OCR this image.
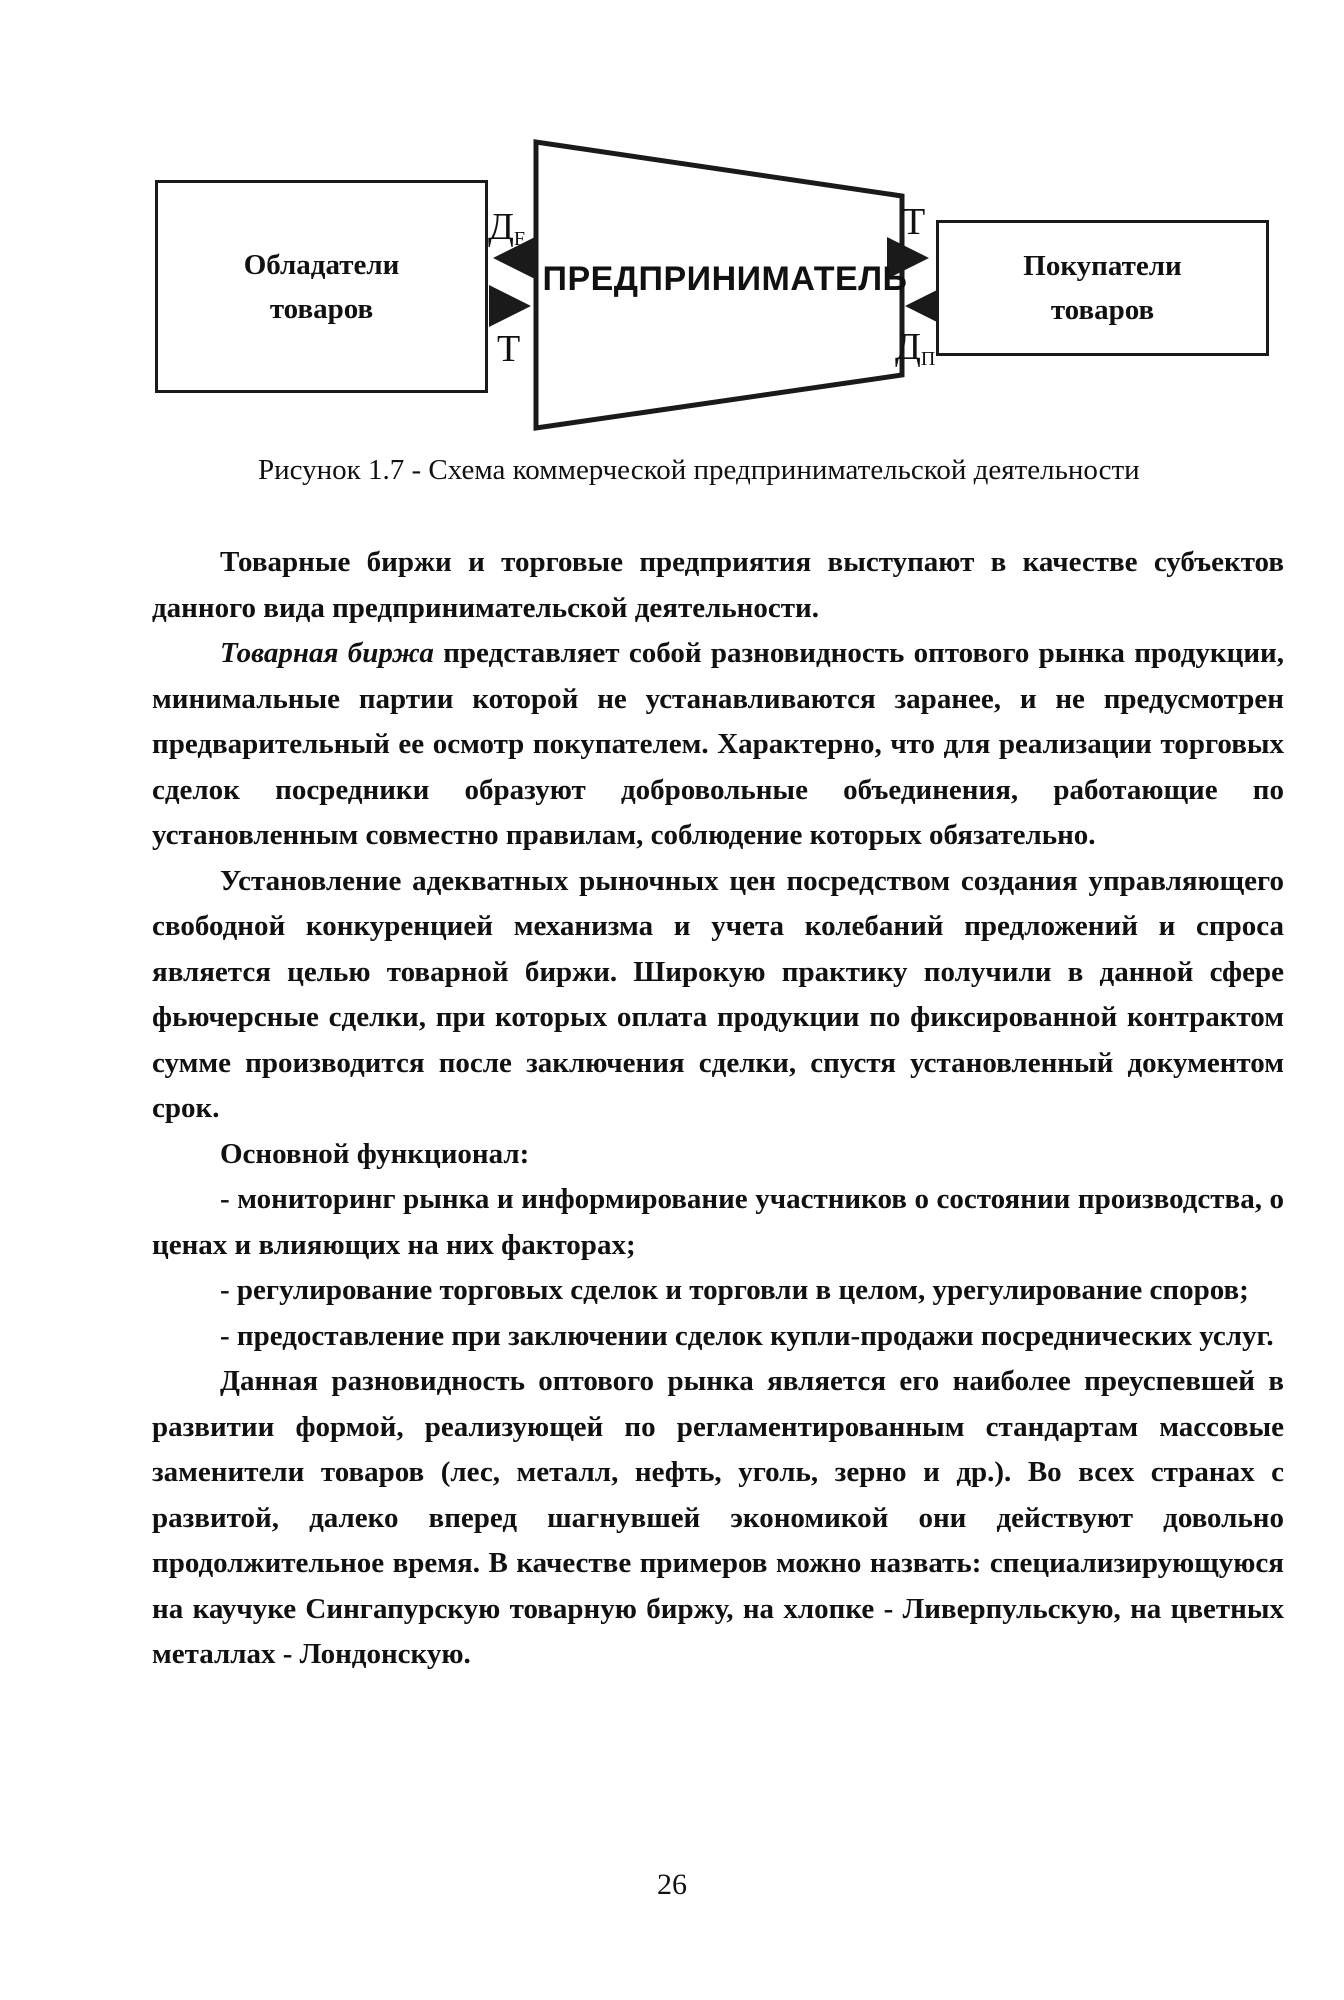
Обладатели
товаров
ПРЕДПРИНИМАТЕЛЬ	Покупатели
товаров
$Д_F$
Т
Т
$Д_П$
Рисунок 1.7 - Схема коммерческой предпринимательской деятельности

Товарные биржи и торговые предприятия выступают в качестве субъектов данного вида предпринимательской деятельности.

Товарная биржа представляет собой разновидность оптового рынка продукции, минимальные партии которой не устанавливаются заранее, и не предусмотрен предварительный ее осмотр покупателем. Характерно, что для реализации торговых сделок посредники образуют добровольные объединения, работающие по установленным совместно правилам, соблюдение которых обязательно.

Установление адекватных рыночных цен посредством создания управляющего свободной конкуренцией механизма и учета колебаний предложений и спроса является целью товарной биржи. Широкую практику получили в данной сфере фьючерсные сделки, при которых оплата продукции по фиксированной контрактом сумме производится после заключения сделки, спустя установленный документом срок.

Основной функционал:

- мониторинг рынка и информирование участников о состоянии производства, о ценах и влияющих на них факторах;

- регулирование торговых сделок и торговли в целом, урегулирование споров;

- предоставление при заключении сделок купли-продажи посреднических услуг.

Данная разновидность оптового рынка является его наиболее преуспевшей в развитии формой, реализующей по регламентированным стандартам массовые заменители товаров (лес, металл, нефть, уголь, зерно и др.). Во всех странах с развитой, далеко вперед шагнувшей экономикой они действуют довольно продолжительное время. В качестве примеров можно назвать: специализирующуюся на каучуке Сингапурскую товарную биржу, на хлопке - Ливерпульскую, на цветных металлах - Лондонскую.

26
